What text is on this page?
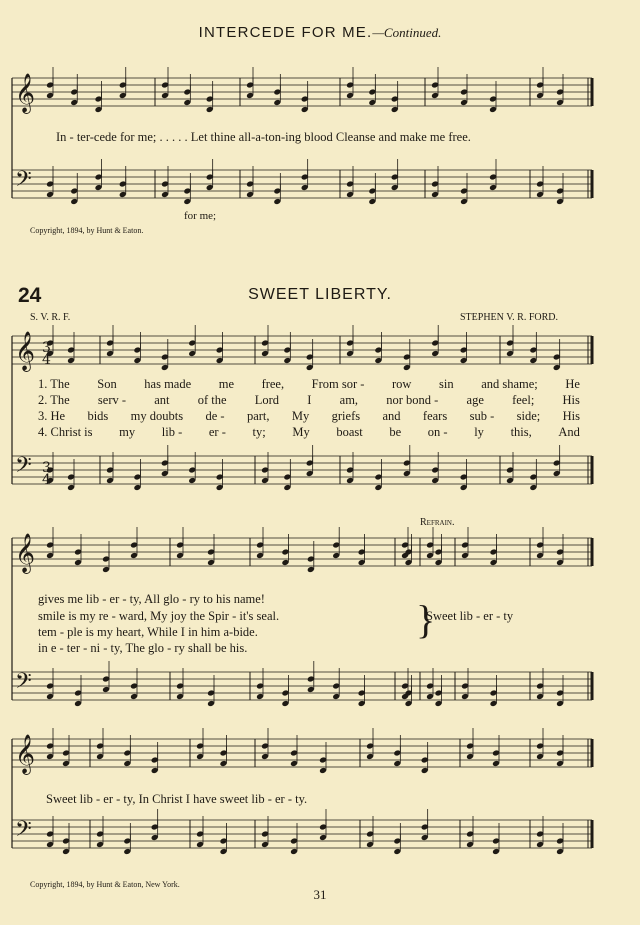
INTERCEDE FOR ME.—Continued.
𝄞
𝄢
𝄞
𝄢
𝄞
𝄢
𝄞
𝄢
3
4
3
4
In - ter-cede for me; . . . . . Let thine all-a-ton-ing blood Cleanse and make me free.
for me;
Copyright, 1894, by Hunt & Eaton.
24	SWEET LIBERTY.
S. V. R. F.	STEPHEN V. R. FORD.
1. The Son has made me free, From sor - row sin and shame; He
2. The serv - ant of the Lord I am, nor bond - age feel; His
3. He bids my doubts de - part, My griefs and fears sub - side; His
4. Christ is my lib - er - ty; My boast be on - ly this, And
Refrain.
gives me lib - er - ty, All glo - ry to his name!
smile is my re - ward, My joy the Spir - it's seal.
tem - ple is my heart, While I in him a-bide.
in e - ter - ni - ty, The glo - ry shall be his.
}
Sweet lib - er - ty
Sweet lib - er - ty, In Christ I have sweet lib - er - ty.
Copyright, 1894, by Hunt & Eaton, New York.
31
